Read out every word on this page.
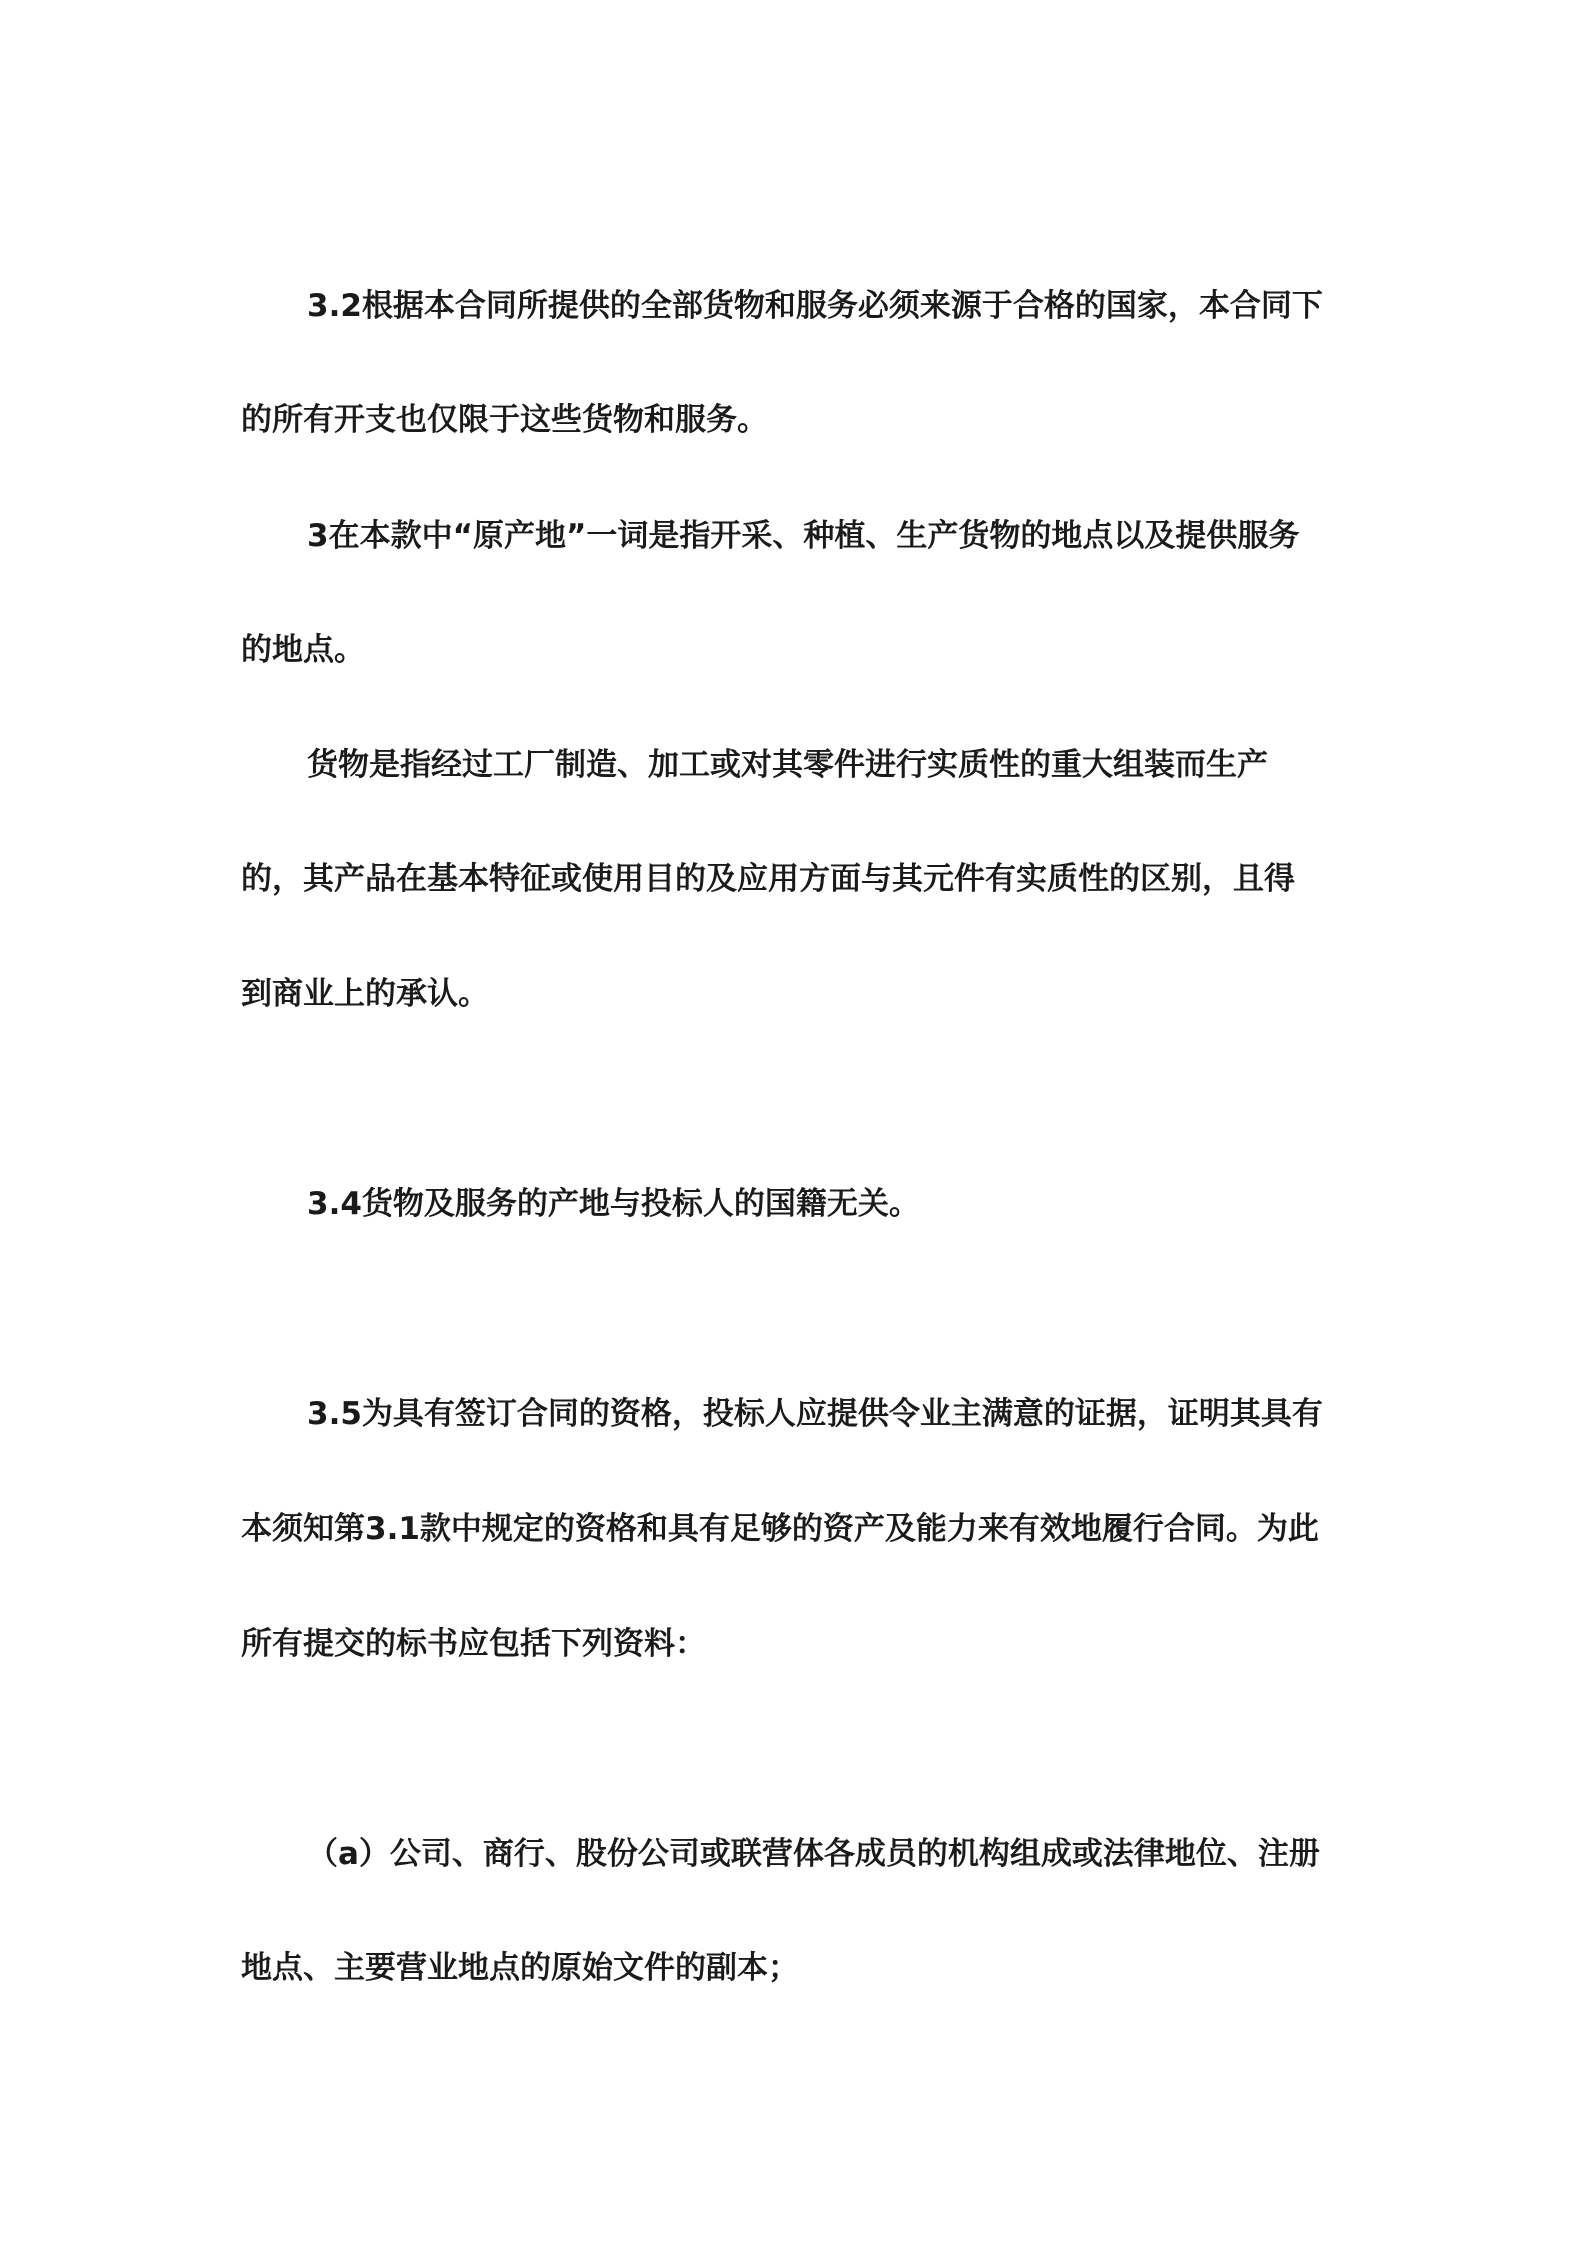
3.2根据本合同所提供的全部货物和服务必须来源于合格的国家，本合同下
的所有开支也仅限于这些货物和服务。
3在本款中“原产地”一词是指开采、种植、生产货物的地点以及提供服务
的地点。
货物是指经过工厂制造、加工或对其零件进行实质性的重大组装而生产
的，其产品在基本特征或使用目的及应用方面与其元件有实质性的区别，且得
到商业上的承认。
3.4货物及服务的产地与投标人的国籍无关。
3.5为具有签订合同的资格，投标人应提供令业主满意的证据，证明其具有
本须知第3.1款中规定的资格和具有足够的资产及能力来有效地履行合同。为此
所有提交的标书应包括下列资料：
（a）公司、商行、股份公司或联营体各成员的机构组成或法律地位、注册
地点、主要营业地点的原始文件的副本；
